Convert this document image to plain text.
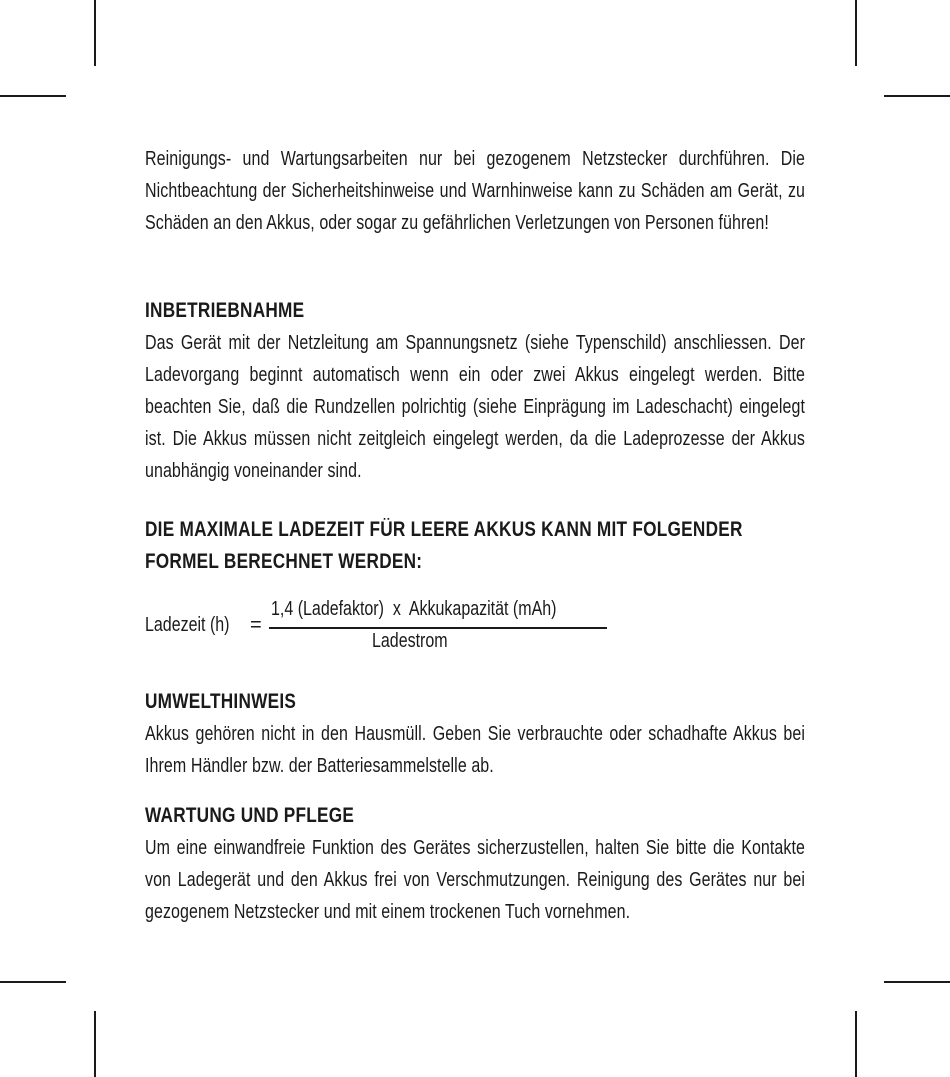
Reinigungs- und Wartungsarbeiten nur bei gezogenem Netzstecker durchführen. Die Nichtbeachtung der Sicherheitshinweise und Warnhinweise kann zu Schäden am Gerät, zu Schäden an den Akkus, oder sogar zu gefährlichen Verletzungen von Personen führen!

INBETRIEBNAHME

Das Gerät mit der Netzleitung am Spannungsnetz (siehe Typenschild) anschliessen. Der Ladevorgang beginnt automatisch wenn ein oder zwei Akkus eingelegt werden. Bitte beachten Sie, daß die Rundzellen polrichtig (siehe Einprägung im Ladeschacht) eingelegt ist. Die Akkus müssen nicht zeitgleich eingelegt werden, da die Ladeprozesse der Akkus unabhängig voneinander sind.

DIE MAXIMALE LADEZEIT FÜR LEERE AKKUS KANN MIT FOLGENDER
FORMEL BERECHNET WERDEN:
Ladezeit (h) =
1,4 (Ladefaktor)  x  Akkukapazität (mAh)
Ladestrom
UMWELTHINWEIS

Akkus gehören nicht in den Hausmüll. Geben Sie verbrauchte oder schadhafte Akkus bei Ihrem Händler bzw. der Batteriesammelstelle ab.

WARTUNG UND PFLEGE

Um eine einwandfreie Funktion des Gerätes sicherzustellen, halten Sie bitte die Kontakte von Ladegerät und den Akkus frei von Verschmutzungen. Reinigung des Gerätes nur bei gezogenem Netzstecker und mit einem trockenen Tuch vornehmen.
